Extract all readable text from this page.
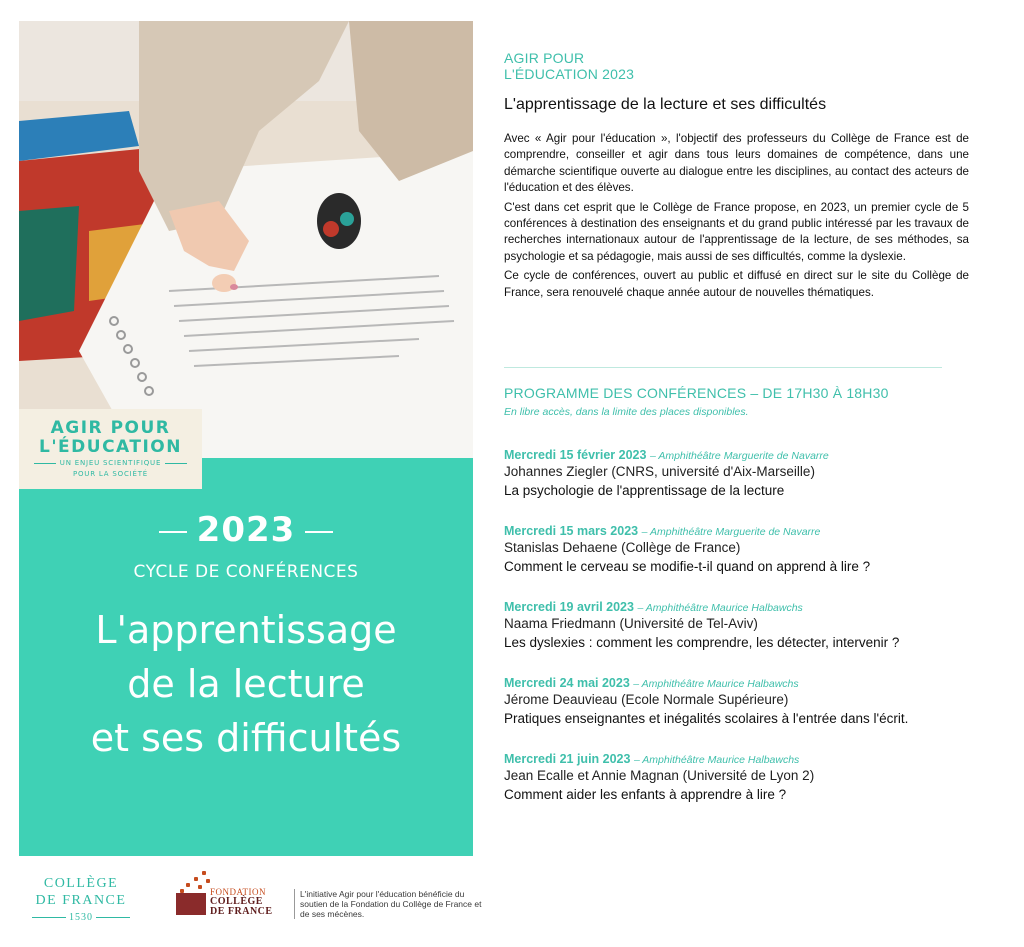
AGIR POUR
L'ÉDUCATION
UN ENJEU SCIENTIFIQUE
POUR LA SOCIÉTÉ
2023
CYCLE DE CONFÉRENCES
L'apprentissage
de la lecture
et ses difficultés
COLLÈGE
DE FRANCE
1530
FONDATION
COLLÈGE
DE FRANCE
L'initiative Agir pour l'éducation bénéficie du soutien de la Fondation du Collège de France et de ses mécènes.
AGIR POUR
L'ÉDUCATION 2023
L'apprentissage de la lecture et ses difficultés

Avec « Agir pour l'éducation », l'objectif des professeurs du Collège de France est de comprendre, conseiller et agir dans tous leurs domaines de compétence, dans une démarche scientifique ouverte au dialogue entre les disciplines, au contact des acteurs de l'éducation et des élèves.

C'est dans cet esprit que le Collège de France propose, en 2023, un premier cycle de 5 conférences à destination des enseignants et du grand public intéressé par les travaux de recherches internationaux autour de l'apprentissage de la lecture, de ses méthodes, sa psychologie et sa pédagogie, mais aussi de ses difficultés, comme la dyslexie.

Ce cycle de conférences, ouvert au public et diffusé en direct sur le site du Collège de France, sera renouvelé chaque année autour de nouvelles thématiques.

PROGRAMME DES CONFÉRENCES – DE 17H30 À 18H30
En libre accès, dans la limite des places disponibles.
Mercredi 15 février 2023 – Amphithéâtre Marguerite de Navarre
Johannes Ziegler (CNRS, université d'Aix-Marseille)
La psychologie de l'apprentissage de la lecture
Mercredi 15 mars 2023 – Amphithéâtre Marguerite de Navarre
Stanislas Dehaene (Collège de France)
Comment le cerveau se modifie-t-il quand on apprend à lire ?
Mercredi 19 avril 2023 – Amphithéâtre Maurice Halbawchs
Naama Friedmann (Université de Tel-Aviv)
Les dyslexies : comment les comprendre, les détecter, intervenir ?
Mercredi 24 mai 2023 – Amphithéâtre Maurice Halbawchs
Jérome Deauvieau (Ecole Normale Supérieure)
Pratiques enseignantes et inégalités scolaires à l'entrée dans l'écrit.
Mercredi 21 juin 2023 – Amphithéâtre Maurice Halbawchs
Jean Ecalle et Annie Magnan (Université de Lyon 2)
Comment aider les enfants à apprendre à lire ?
